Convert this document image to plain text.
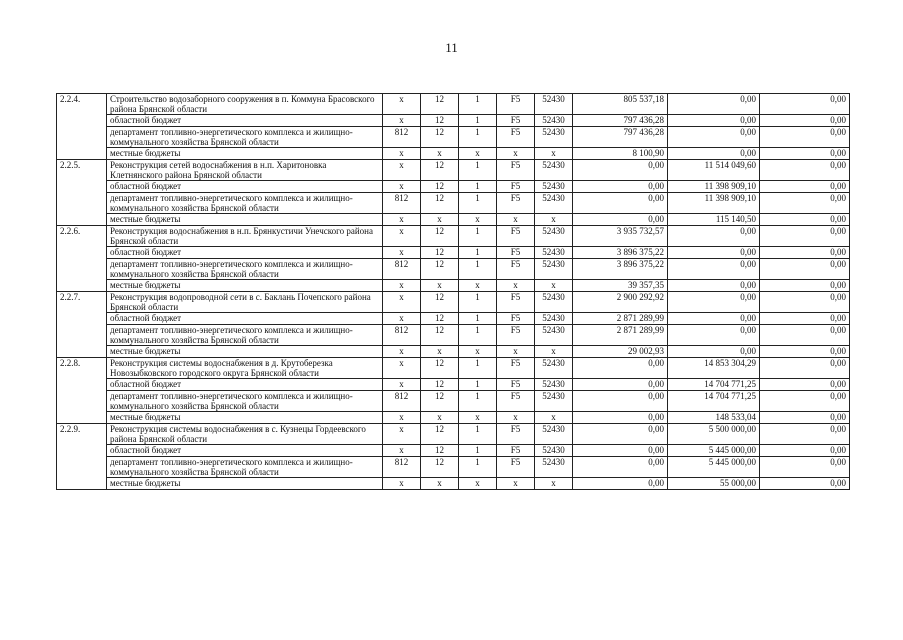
11
2.2.4.	Строительство водозаборного сооружения в п. Коммуна Брасовского района Брянской области	х	12	1	F5	52430	805 537,18	0,00	0,00
	областной бюджет	х	12	1	F5	52430	797 436,28	0,00	0,00
	департамент топливно-энергетического комплекса и жилищно-коммунального хозяйства Брянской области	812	12	1	F5	52430	797 436,28	0,00	0,00
	местные бюджеты	х	х	х	х	х	8 100,90	0,00	0,00
2.2.5.	Реконструкция сетей водоснабжения в н.п. Харитоновка Клетнянского района Брянской области	х	12	1	F5	52430	0,00	11 514 049,60	0,00
	областной бюджет	х	12	1	F5	52430	0,00	11 398 909,10	0,00
	департамент топливно-энергетического комплекса и жилищно-коммунального хозяйства Брянской области	812	12	1	F5	52430	0,00	11 398 909,10	0,00
	местные бюджеты	х	х	х	х	х	0,00	115 140,50	0,00
2.2.6.	Реконструкция водоснабжения в н.п. Брянкустичи Унечского района Брянской области	х	12	1	F5	52430	3 935 732,57	0,00	0,00
	областной бюджет	х	12	1	F5	52430	3 896 375,22	0,00	0,00
	департамент топливно-энергетического комплекса и жилищно-коммунального хозяйства Брянской области	812	12	1	F5	52430	3 896 375,22	0,00	0,00
	местные бюджеты	х	х	х	х	х	39 357,35	0,00	0,00
2.2.7.	Реконструкция водопроводной сети в с. Баклань Почепского района Брянской области	х	12	1	F5	52430	2 900 292,92	0,00	0,00
	областной бюджет	х	12	1	F5	52430	2 871 289,99	0,00	0,00
	департамент топливно-энергетического комплекса и жилищно-коммунального хозяйства Брянской области	812	12	1	F5	52430	2 871 289,99	0,00	0,00
	местные бюджеты	х	х	х	х	х	29 002,93	0,00	0,00
2.2.8.	Реконструкция системы водоснабжения в д. Крутоберезка Новозыбковского городского округа Брянской области	х	12	1	F5	52430	0,00	14 853 304,29	0,00
	областной бюджет	х	12	1	F5	52430	0,00	14 704 771,25	0,00
	департамент топливно-энергетического комплекса и жилищно-коммунального хозяйства Брянской области	812	12	1	F5	52430	0,00	14 704 771,25	0,00
	местные бюджеты	х	х	х	х	х	0,00	148 533,04	0,00
2.2.9.	Реконструкция системы водоснабжения в с. Кузнецы Гордеевского района Брянской области	х	12	1	F5	52430	0,00	5 500 000,00	0,00
	областной бюджет	х	12	1	F5	52430	0,00	5 445 000,00	0,00
	департамент топливно-энергетического комплекса и жилищно-коммунального хозяйства Брянской области	812	12	1	F5	52430	0,00	5 445 000,00	0,00
	местные бюджеты	х	х	х	х	х	0,00	55 000,00	0,00
